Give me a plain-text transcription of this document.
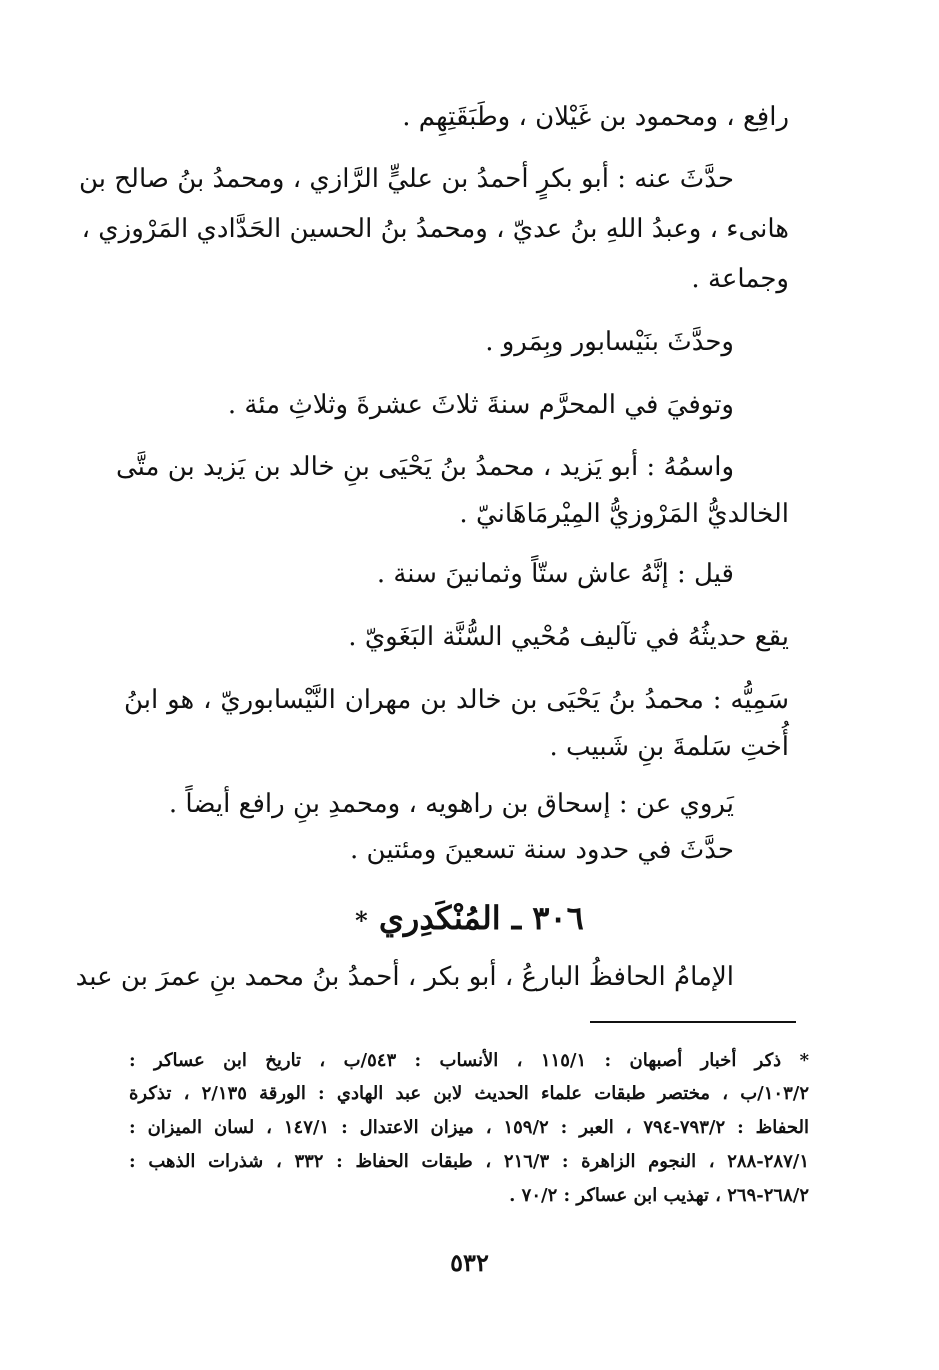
رافِع ، ومحمود بن غَيْلان ، وطَبَقَتِهِم .
حدَّثَ عنه : أبو بكرٍ أحمدُ بن عليٍّ الرَّازي ، ومحمدُ بنُ صالح بن
هانىء ، وعبدُ اللهِ بنُ عديّ ، ومحمدُ بنُ الحسين الحَدَّادي المَرْوزي ،
وجماعة .
وحدَّثَ بنَيْسابور وبِمَرو .
وتوفيَ في المحرَّم سنةَ ثلاثَ عشرةَ وثلاثِ مئة .
واسمُهُ : أبو يَزيد ، محمدُ بنُ يَحْيَى بنِ خالد بن يَزيد بن متَّى
الخالديُّ المَرْوزيُّ المِيْرمَاهَانيّ .
قيل : إنَّهُ عاش ستّاً وثمانينَ سنة .
يقع حديثُهُ في تآليف مُحْيي السُّنَّة البَغَويّ .
سَمِيُّه : محمدُ بنُ يَحْيَى بن خالد بن مهران النَّيْسابوريّ ، هو ابنُ
أُختِ سَلمةَ بنِ شَبيب .
يَروي عن : إسحاق بن راهويه ، ومحمدِ بنِ رافع أيضاً .
حدَّثَ في حدود سنة تسعينَ ومئتين .
٣٠٦ ـ المُنْكَدِري *
الإمامُ الحافظُ البارعُ ، أبو بكر ، أحمدُ بنُ محمد بنِ عمرَ بن عبد
* ذكر أخبار أصبهان : ١١٥/١ ، الأنساب : ٥٤٣/ب ، تاريخ ابن عساكر :
١٠٣/٢/ب ، مختصر طبقات علماء الحديث لابن عبد الهادي : الورقة ٢/١٣٥ ، تذكرة
الحفاظ : ٧٩٣/٢-٧٩٤ ، العبر : ١٥٩/٢ ، ميزان الاعتدال : ١٤٧/١ ، لسان الميزان :
٢٨٧/١-٢٨٨ ، النجوم الزاهرة : ٢١٦/٣ ، طبقات الحفاظ : ٣٣٢ ، شذرات الذهب :
٢٦٨/٢-٢٦٩ ، تهذيب ابن عساكر : ٧٠/٢ .
٥٣٢
